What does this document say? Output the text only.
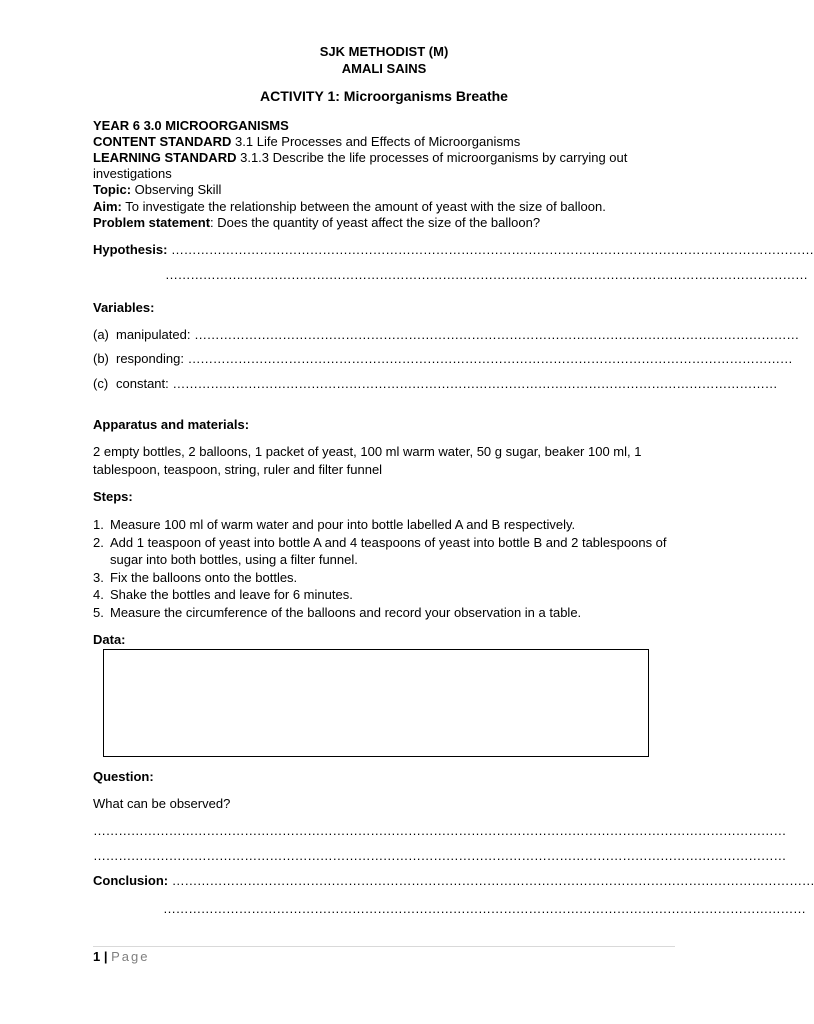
SJK METHODIST (M)
AMALI SAINS
ACTIVITY 1: Microorganisms Breathe
YEAR 6 3.0 MICROORGANISMS
CONTENT STANDARD 3.1 Life Processes and Effects of Microorganisms
LEARNING STANDARD 3.1.3 Describe the life processes of microorganisms by carrying out
investigations
Topic: Observing Skill
Aim: To investigate the relationship between the amount of yeast with the size of balloon.
Problem statement: Does the quantity of yeast affect the size of the balloon?
Hypothesis: ………………………………………………………………………………………………………………………………………
………………………………………………………………………………………………………………………………………
Variables:
(a) manipulated: ………………………………………………………………………………………………………………………………
(b) responding: ………………………………………………………………………………………………………………………………
(c) constant: ………………………………………………………………………………………………………………………………
Apparatus and materials:
2 empty bottles, 2 balloons, 1 packet of yeast, 100 ml warm water, 50 g sugar, beaker 100 ml, 1
tablespoon, teaspoon, string, ruler and filter funnel
Steps:
1. Measure 100 ml of warm water and pour into bottle labelled A and B respectively.
2. Add 1 teaspoon of yeast into bottle A and 4 teaspoons of yeast into bottle B and 2 tablespoons of sugar into both bottles, using a filter funnel.
3. Fix the balloons onto the bottles.
4. Shake the bottles and leave for 6 minutes.
5. Measure the circumference of the balloons and record your observation in a table.
Data:
Question:
What can be observed?
…………………………………………………………………………………………………………………………………………………
…………………………………………………………………………………………………………………………………………………
Conclusion: ………………………………………………………………………………………………………………………………………
………………………………………………………………………………………………………………………………………
1 | Page
